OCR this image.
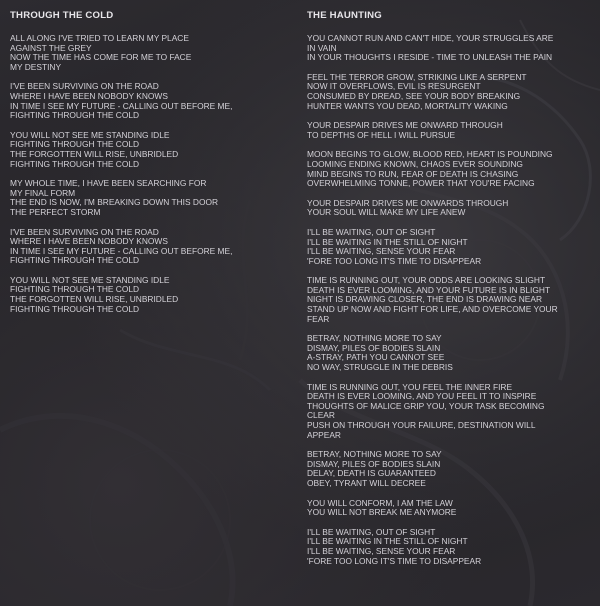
THROUGH THE COLD
ALL ALONG I'VE TRIED TO LEARN MY PLACE
AGAINST THE GREY
NOW THE TIME HAS COME FOR ME TO FACE
MY DESTINY
I'VE BEEN SURVIVING ON THE ROAD
WHERE I HAVE BEEN NOBODY KNOWS
IN TIME I SEE MY FUTURE - CALLING OUT BEFORE ME,
FIGHTING THROUGH THE COLD
YOU WILL NOT SEE ME STANDING IDLE
FIGHTING THROUGH THE COLD
THE FORGOTTEN WILL RISE, UNBRIDLED
FIGHTING THROUGH THE COLD
MY WHOLE TIME, I HAVE BEEN SEARCHING FOR
MY FINAL FORM
THE END IS NOW, I'M BREAKING DOWN THIS DOOR
THE PERFECT STORM
I'VE BEEN SURVIVING ON THE ROAD
WHERE I HAVE BEEN NOBODY KNOWS
IN TIME I SEE MY FUTURE - CALLING OUT BEFORE ME,
FIGHTING THROUGH THE COLD
YOU WILL NOT SEE ME STANDING IDLE
FIGHTING THROUGH THE COLD
THE FORGOTTEN WILL RISE, UNBRIDLED
FIGHTING THROUGH THE COLD
THE HAUNTING
YOU CANNOT RUN AND CAN'T HIDE, YOUR STRUGGLES ARE
IN VAIN
IN YOUR THOUGHTS I RESIDE - TIME TO UNLEASH THE PAIN
FEEL THE TERROR GROW, STRIKING LIKE A SERPENT
NOW IT OVERFLOWS, EVIL IS RESURGENT
CONSUMED BY DREAD, SEE YOUR BODY BREAKING
HUNTER WANTS YOU DEAD, MORTALITY WAKING
YOUR DESPAIR DRIVES ME ONWARD THROUGH
TO DEPTHS OF HELL I WILL PURSUE
MOON BEGINS TO GLOW, BLOOD RED, HEART IS POUNDING
LOOMING ENDING KNOWN, CHAOS EVER SOUNDING
MIND BEGINS TO RUN, FEAR OF DEATH IS CHASING
OVERWHELMING TONNE, POWER THAT YOU'RE FACING
YOUR DESPAIR DRIVES ME ONWARDS THROUGH
YOUR SOUL WILL MAKE MY LIFE ANEW
I'LL BE WAITING, OUT OF SIGHT
I'LL BE WAITING IN THE STILL OF NIGHT
I'LL BE WAITING, SENSE YOUR FEAR
'FORE TOO LONG IT'S TIME TO DISAPPEAR
TIME IS RUNNING OUT, YOUR ODDS ARE LOOKING SLIGHT
DEATH IS EVER LOOMING, AND YOUR FUTURE IS IN BLIGHT
NIGHT IS DRAWING CLOSER, THE END IS DRAWING NEAR
STAND UP NOW AND FIGHT FOR LIFE, AND OVERCOME YOUR
FEAR
BETRAY, NOTHING MORE TO SAY
DISMAY, PILES OF BODIES SLAIN
A-STRAY, PATH YOU CANNOT SEE
NO WAY, STRUGGLE IN THE DEBRIS
TIME IS RUNNING OUT, YOU FEEL THE INNER FIRE
DEATH IS EVER LOOMING, AND YOU FEEL IT TO INSPIRE
THOUGHTS OF MALICE GRIP YOU, YOUR TASK BECOMING
CLEAR
PUSH ON THROUGH YOUR FAILURE, DESTINATION WILL
APPEAR
BETRAY, NOTHING MORE TO SAY
DISMAY, PILES OF BODIES SLAIN
DELAY, DEATH IS GUARANTEED
OBEY, TYRANT WILL DECREE
YOU WILL CONFORM, I AM THE LAW
YOU WILL NOT BREAK ME ANYMORE
I'LL BE WAITING, OUT OF SIGHT
I'LL BE WAITING IN THE STILL OF NIGHT
I'LL BE WAITING, SENSE YOUR FEAR
'FORE TOO LONG IT'S TIME TO DISAPPEAR
